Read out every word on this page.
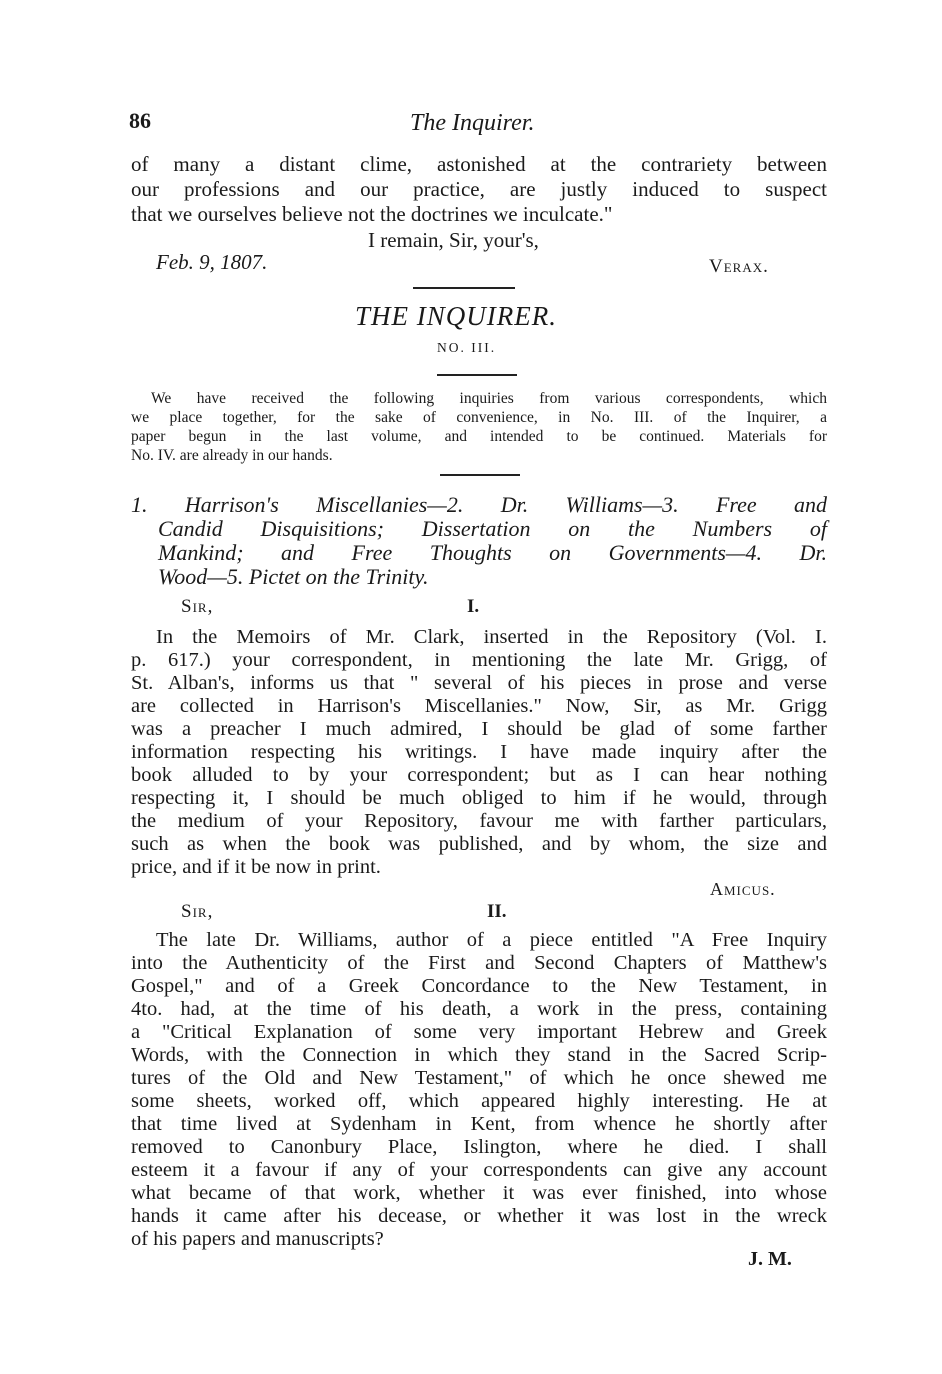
86	The Inquirer.
of many a distant clime, astonished at the contrariety between
our professions and our practice, are justly induced to suspect
that we ourselves believe not the doctrines we inculcate."
I remain, Sir, your's,
Feb. 9, 1807.	Verax.
THE INQUIRER.
NO. III.
We have received the following inquiries from various correspondents, which
we place together, for the sake of convenience, in No. III. of the Inquirer, a
paper begun in the last volume, and intended to be continued. Materials for
No. IV. are already in our hands.
1. Harrison's Miscellanies—2. Dr. Williams—3. Free and
Candid Disquisitions; Dissertation on the Numbers of
Mankind; and Free Thoughts on Governments—4. Dr.
Wood—5. Pictet on the Trinity.
Sir,	I.
In the Memoirs of Mr. Clark, inserted in the Repository (Vol. I.
p. 617.) your correspondent, in mentioning the late Mr. Grigg, of
St. Alban's, informs us that " several of his pieces in prose and verse
are collected in Harrison's Miscellanies." Now, Sir, as Mr. Grigg
was a preacher I much admired, I should be glad of some farther
information respecting his writings. I have made inquiry after the
book alluded to by your correspondent; but as I can hear nothing
respecting it, I should be much obliged to him if he would, through
the medium of your Repository, favour me with farther particulars,
such as when the book was published, and by whom, the size and
price, and if it be now in print.
Amicus.
Sir,	II.
The late Dr. Williams, author of a piece entitled "A Free Inquiry
into the Authenticity of the First and Second Chapters of Matthew's
Gospel," and of a Greek Concordance to the New Testament, in
4to. had, at the time of his death, a work in the press, containing
a "Critical Explanation of some very important Hebrew and Greek
Words, with the Connection in which they stand in the Sacred Scrip-
tures of the Old and New Testament," of which he once shewed me
some sheets, worked off, which appeared highly interesting. He at
that time lived at Sydenham in Kent, from whence he shortly after
removed to Canonbury Place, Islington, where he died. I shall
esteem it a favour if any of your correspondents can give any account
what became of that work, whether it was ever finished, into whose
hands it came after his decease, or whether it was lost in the wreck
of his papers and manuscripts?
J. M.
